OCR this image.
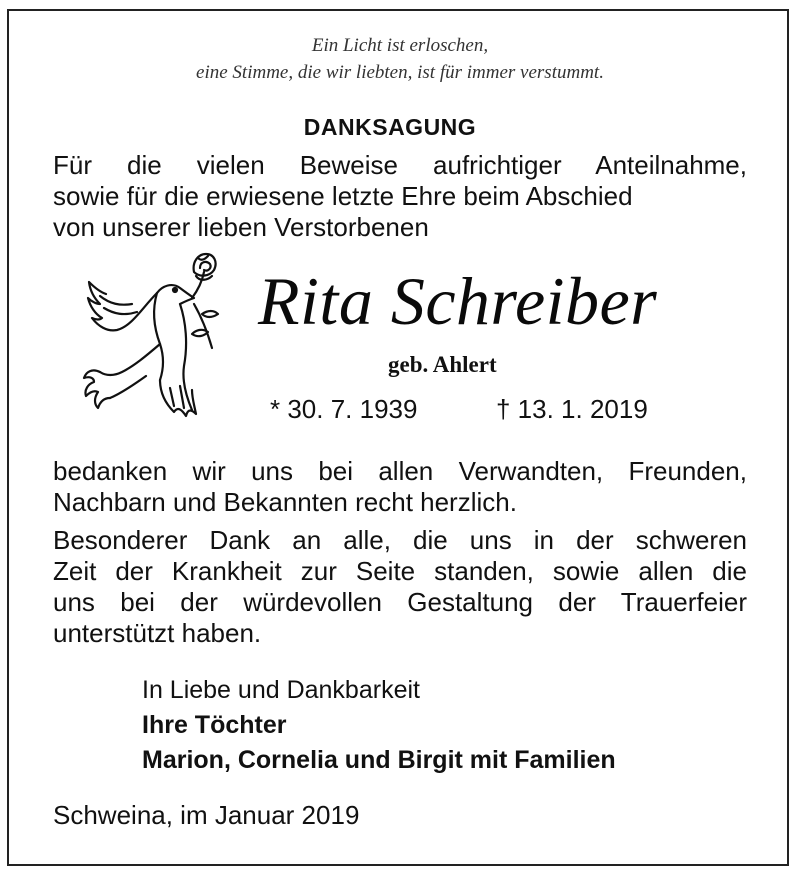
Ein Licht ist erloschen,
eine Stimme, die wir liebten, ist für immer verstummt.
DANKSAGUNG
Für die vielen Beweise aufrichtiger Anteilnahme,
sowie für die erwiesene letzte Ehre beim Abschied
von unserer lieben Verstorbenen
Rita Schreiber
geb. Ahlert
* 30. 7. 1939	† 13. 1. 2019
bedanken wir uns bei allen Verwandten, Freunden,
Nachbarn und Bekannten recht herzlich.
Besonderer Dank an alle, die uns in der schweren
Zeit der Krankheit zur Seite standen, sowie allen die
uns bei der würdevollen Gestaltung der Trauerfeier
unterstützt haben.
In Liebe und Dankbarkeit
Ihre Töchter
Marion, Cornelia und Birgit mit Familien
Schweina, im Januar 2019
